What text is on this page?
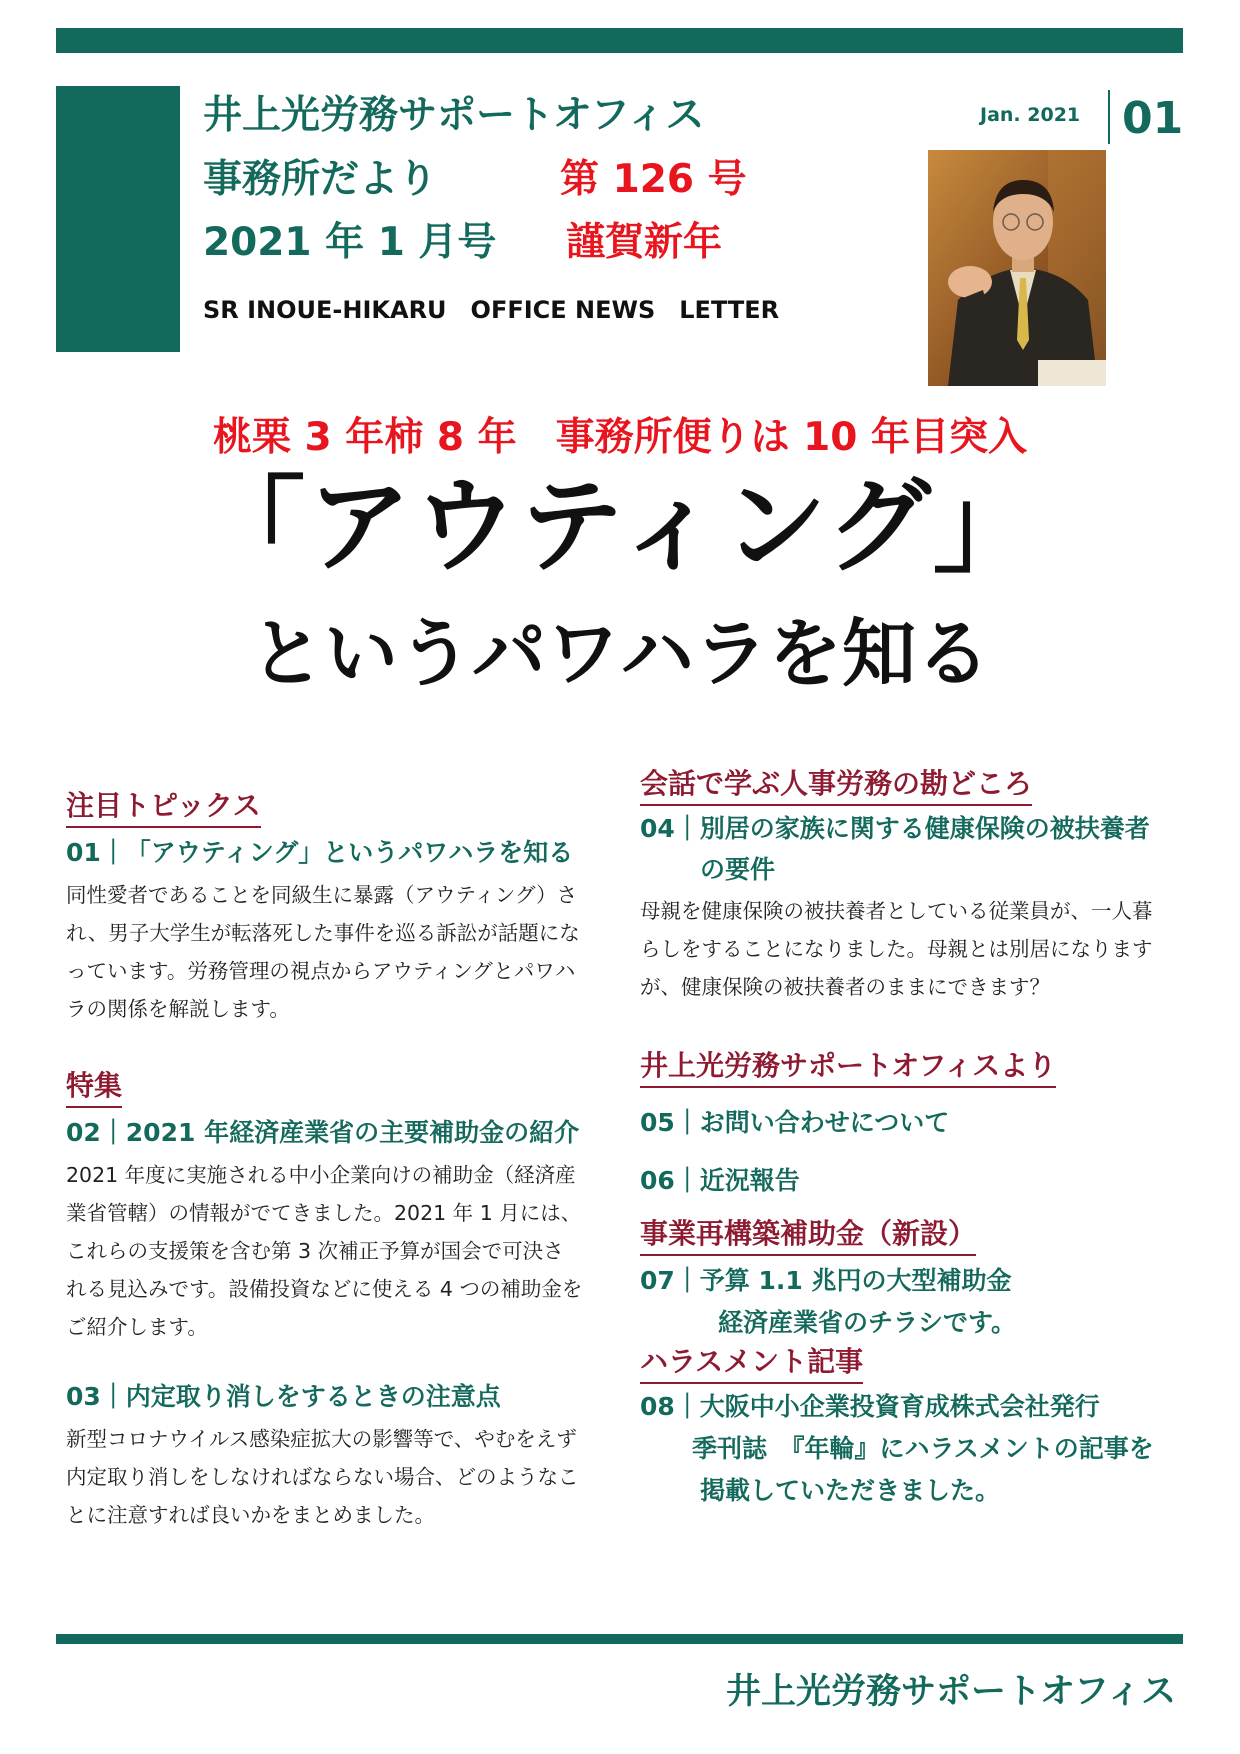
井上光労務サポートオフィス
事務所だより	第 126 号
2021 年 1 月号 謹賀新年
SR INOUE-HIKARU　OFFICE NEWS　LETTER
Jan. 2021 01
桃栗 3 年柿 8 年　事務所便りは 10 年目突入
「アウティング」
というパワハラを知る
注目トピックス
01｜「アウティング」というパワハラを知る
同性愛者であることを同級生に暴露（アウティング）さ
れ、男子大学生が転落死した事件を巡る訴訟が話題にな
っています。労務管理の視点からアウティングとパワハ
ラの関係を解説します。
特集
02｜2021 年経済産業省の主要補助金の紹介
2021 年度に実施される中小企業向けの補助金（経済産
業省管轄）の情報がでてきました。2021 年 1 月には、
これらの支援策を含む第 3 次補正予算が国会で可決さ
れる見込みです。設備投資などに使える 4 つの補助金を
ご紹介します。
03｜内定取り消しをするときの注意点
新型コロナウイルス感染症拡大の影響等で、やむをえず
内定取り消しをしなければならない場合、どのようなこ
とに注意すれば良いかをまとめました。
会話で学ぶ人事労務の勘どころ
04｜別居の家族に関する健康保険の被扶養者
の要件
母親を健康保険の被扶養者としている従業員が、一人暮
らしをすることになりました。母親とは別居になります
が、健康保険の被扶養者のままにできます？
井上光労務サポートオフィスより
05｜お問い合わせについて
06｜近況報告
事業再構築補助金（新設）
07｜予算 1.1 兆円の大型補助金
経済産業省のチラシです。
ハラスメント記事
08｜大阪中小企業投資育成株式会社発行
季刊誌　『年輪』にハラスメントの記事を
掲載していただきました。
井上光労務サポートオフィス
